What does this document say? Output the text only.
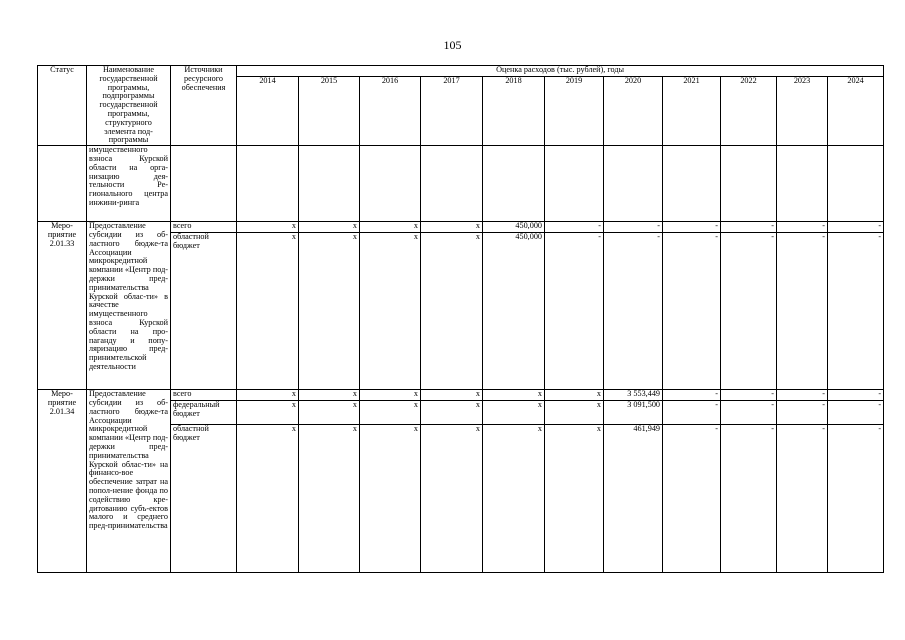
105
Статус	Наименование государственной программы, подпрограммы государственной программы, структурного элемента под-программы	Источники ресурсного обеспечения	Оценка расходов (тыс. рублей), годы										
			2014	2015	2016	2017	2018	2019	2020	2021	2022	2023	2024
	имущественного взноса Курской области на орга-низацию дея-тельности Ре-гионального центра инжини-ринга												
Меро-приятие 2.01.33	Предоставление субсидии из об-ластного бюдже-та Ассоциации микрокредитной компании «Центр под-держки пред-принимательства Курской облас-ти» в качестве имущественного взноса Курской области на про-паганду и попу-ляризацию пред-принимтельской деятельности	всего	x	x	x	x	450,000	-	-	-	-	-	-
		областной бюджет	x	x	x	x	450,000	-	-	-	-	-	-
Меро-приятие 2.01.34	Предоставление субсидии из об-ластного бюдже-та Ассоциации микрокредитной компании «Центр под-держки пред-принимательства Курской облас-ти» на финансо-вое обеспечение затрат на попол-нение фонда по содействию кре-дитованию субъ-ектов малого и среднего пред-принимательства	всего	x	x	x	x	x	x	3 553,449	-	-	-	-
		федеральный бюджет	x	x	x	x	x	x	3 091,500	-	-	-	-
		областной бюджет	x	x	x	x	x	x	461,949	-	-	-	-
